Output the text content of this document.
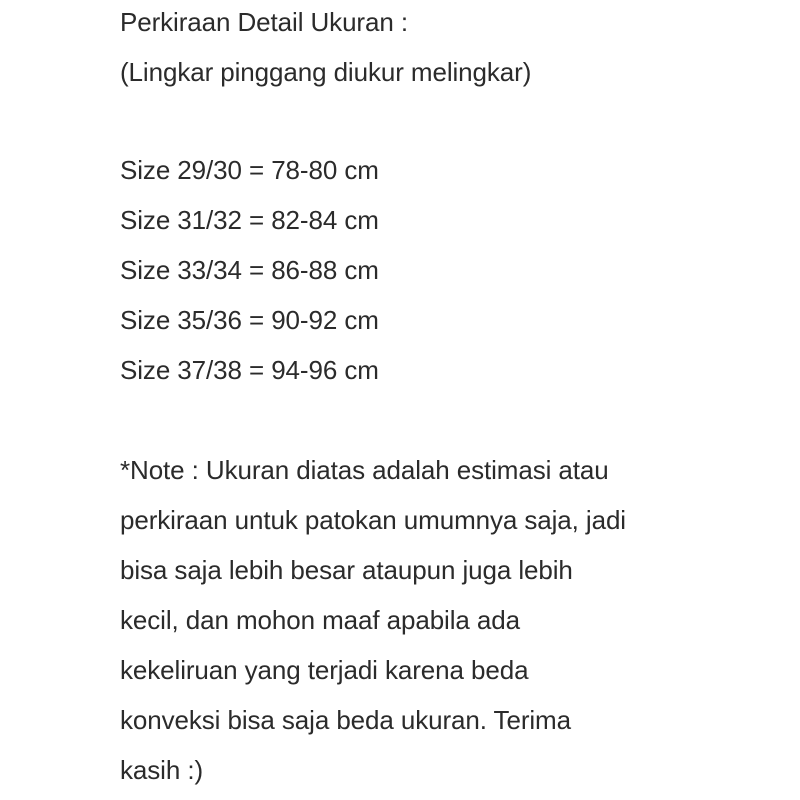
Perkiraan Detail Ukuran :
(Lingkar pinggang diukur melingkar)
Size 29/30 = 78-80 cm
Size 31/32 = 82-84 cm
Size 33/34 = 86-88 cm
Size 35/36 = 90-92 cm
Size 37/38 = 94-96 cm
*Note : Ukuran diatas adalah estimasi atau
perkiraan untuk patokan umumnya saja, jadi
bisa saja lebih besar ataupun juga lebih
kecil, dan mohon maaf apabila ada
kekeliruan yang terjadi karena beda
konveksi bisa saja beda ukuran. Terima
kasih :)
